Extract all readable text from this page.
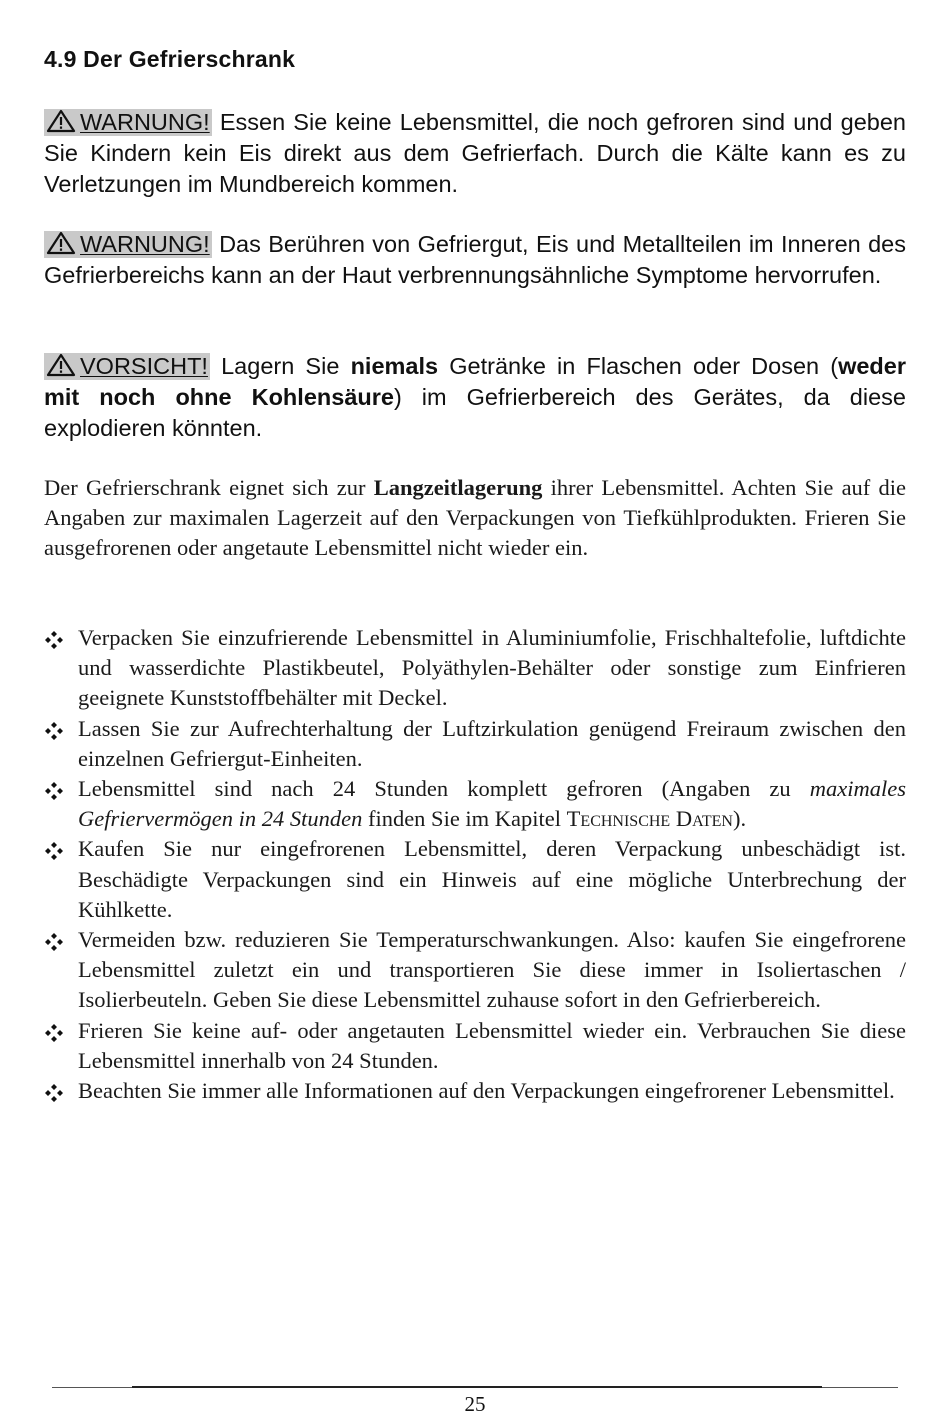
4.9 Der Gefrierschrank
WARNUNG! Essen Sie keine Lebensmittel, die noch gefroren sind und geben Sie Kindern kein Eis direkt aus dem Gefrierfach. Durch die Kälte kann es zu Verletzungen im Mundbereich kommen.
WARNUNG! Das Berühren von Gefriergut, Eis und Metallteilen im Inneren des Gefrierbereichs kann an der Haut verbrennungsähnliche Symptome hervorrufen.
VORSICHT! Lagern Sie niemals Getränke in Flaschen oder Dosen (weder mit noch ohne Kohlensäure) im Gefrierbereich des Gerätes, da diese explodieren könnten.
Der Gefrierschrank eignet sich zur Langzeitlagerung ihrer Lebensmittel. Achten Sie auf die Angaben zur maximalen Lagerzeit auf den Verpackungen von Tiefkühlprodukten. Frieren Sie ausgefrorenen oder angetaute Lebensmittel nicht wieder ein.
Verpacken Sie einzufrierende Lebensmittel in Aluminiumfolie, Frischhaltefolie, luftdichte und wasserdichte Plastikbeutel, Polyäthylen-Behälter oder sonstige zum Einfrieren geeignete Kunststoffbehälter mit Deckel.
Lassen Sie zur Aufrechterhaltung der Luftzirkulation genügend Freiraum zwischen den einzelnen Gefriergut-Einheiten.
Lebensmittel sind nach 24 Stunden komplett gefroren (Angaben zu maximales Gefriervermögen in 24 Stunden finden Sie im Kapitel Technische Daten).
Kaufen Sie nur eingefrorenen Lebensmittel, deren Verpackung unbeschädigt ist. Beschädigte Verpackungen sind ein Hinweis auf eine mögliche Unterbrechung der Kühlkette.
Vermeiden bzw. reduzieren Sie Temperaturschwankungen. Also: kaufen Sie eingefrorene Lebensmittel zuletzt ein und transportieren Sie diese immer in Isoliertaschen / Isolierbeuteln. Geben Sie diese Lebensmittel zuhause sofort in den Gefrierbereich.
Frieren Sie keine auf- oder angetauten Lebensmittel wieder ein. Verbrauchen Sie diese Lebensmittel innerhalb von 24 Stunden.
Beachten Sie immer alle Informationen auf den Verpackungen eingefrorener Lebensmittel.
25
